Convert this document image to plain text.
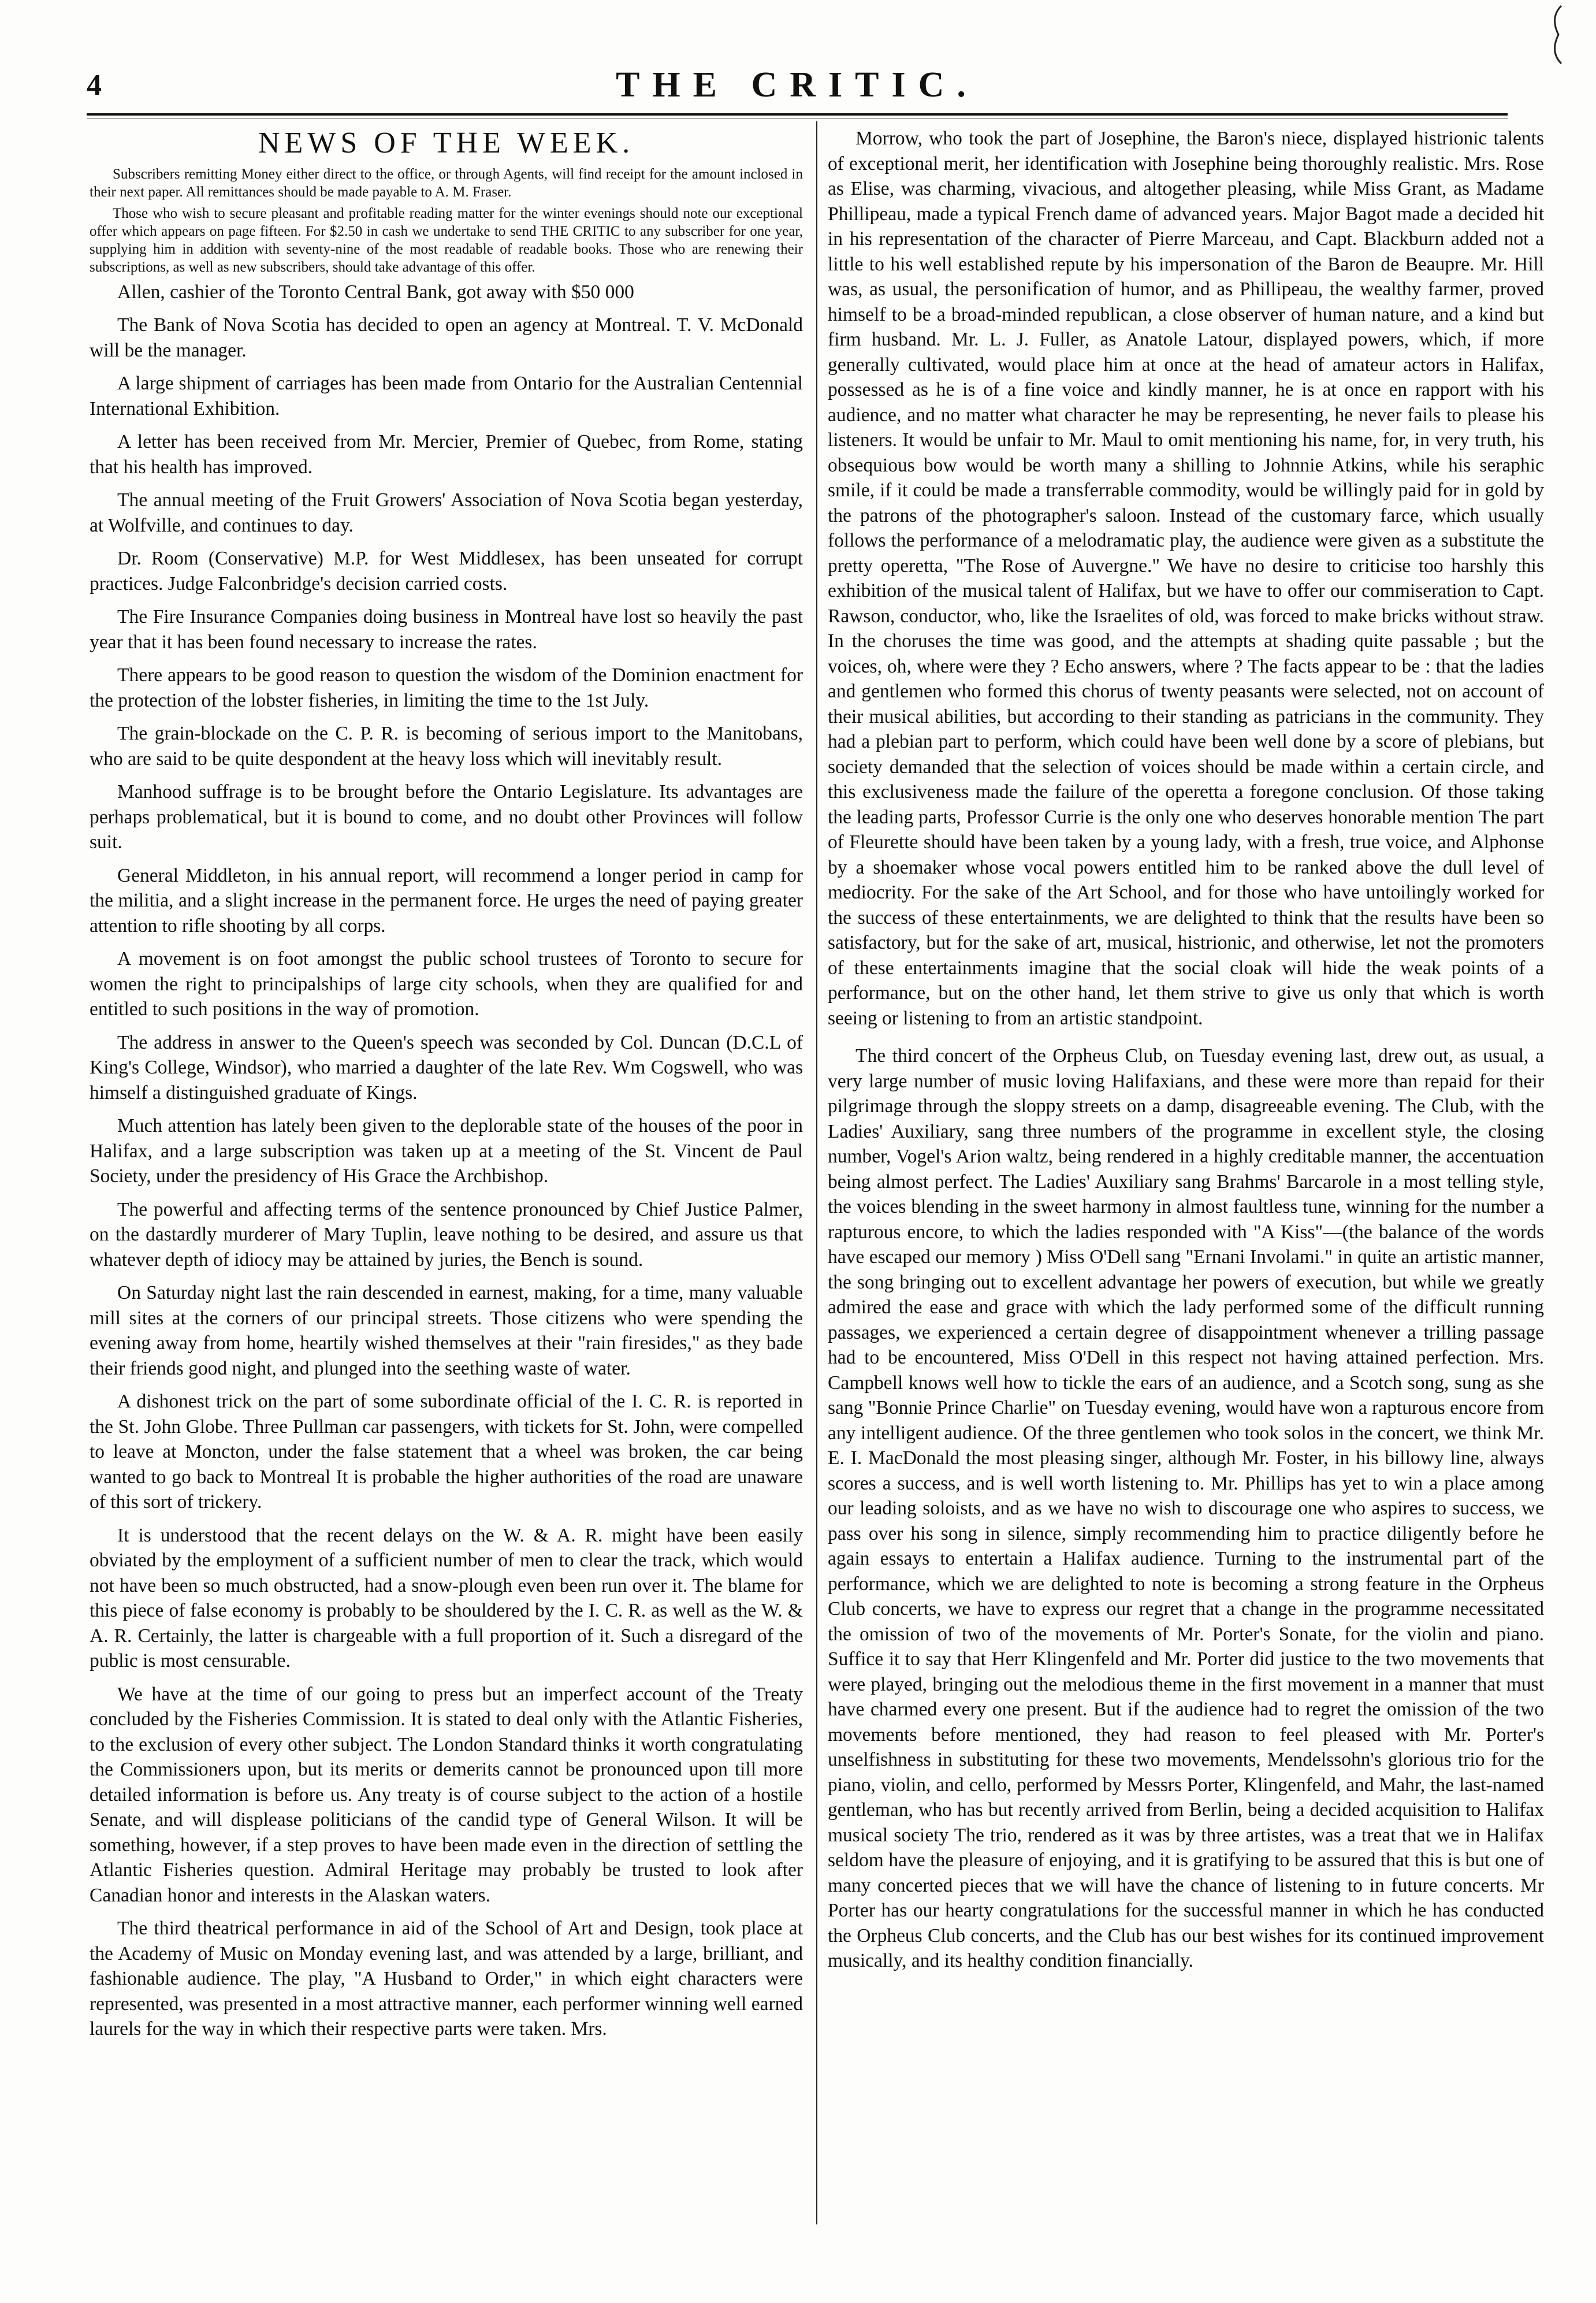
4	THE CRITIC.
NEWS OF THE WEEK.

Subscribers remitting Money either direct to the office, or through Agents, will find receipt for the amount inclosed in their next paper. All remittances should be made payable to A. M. Fraser.

Those who wish to secure pleasant and profitable reading matter for the winter evenings should note our exceptional offer which appears on page fifteen. For $2.50 in cash we undertake to send THE CRITIC to any subscriber for one year, supplying him in addition with seventy-nine of the most readable of readable books. Those who are renewing their subscriptions, as well as new subscribers, should take advantage of this offer.

Allen, cashier of the Toronto Central Bank, got away with $50 000

The Bank of Nova Scotia has decided to open an agency at Montreal. T. V. McDonald will be the manager.

A large shipment of carriages has been made from Ontario for the Australian Centennial International Exhibition.

A letter has been received from Mr. Mercier, Premier of Quebec, from Rome, stating that his health has improved.

The annual meeting of the Fruit Growers' Association of Nova Scotia began yesterday, at Wolfville, and continues to day.

Dr. Room (Conservative) M.P. for West Middlesex, has been unseated for corrupt practices. Judge Falconbridge's decision carried costs.

The Fire Insurance Companies doing business in Montreal have lost so heavily the past year that it has been found necessary to increase the rates.

There appears to be good reason to question the wisdom of the Dominion enactment for the protection of the lobster fisheries, in limiting the time to the 1st July.

The grain-blockade on the C. P. R. is becoming of serious import to the Manitobans, who are said to be quite despondent at the heavy loss which will inevitably result.

Manhood suffrage is to be brought before the Ontario Legislature. Its advantages are perhaps problematical, but it is bound to come, and no doubt other Provinces will follow suit.

General Middleton, in his annual report, will recommend a longer period in camp for the militia, and a slight increase in the permanent force. He urges the need of paying greater attention to rifle shooting by all corps.

A movement is on foot amongst the public school trustees of Toronto to secure for women the right to principalships of large city schools, when they are qualified for and entitled to such positions in the way of promotion.

The address in answer to the Queen's speech was seconded by Col. Duncan (D.C.L of King's College, Windsor), who married a daughter of the late Rev. Wm Cogswell, who was himself a distinguished graduate of Kings.

Much attention has lately been given to the deplorable state of the houses of the poor in Halifax, and a large subscription was taken up at a meeting of the St. Vincent de Paul Society, under the presidency of His Grace the Archbishop.

The powerful and affecting terms of the sentence pronounced by Chief Justice Palmer, on the dastardly murderer of Mary Tuplin, leave nothing to be desired, and assure us that whatever depth of idiocy may be attained by juries, the Bench is sound.

On Saturday night last the rain descended in earnest, making, for a time, many valuable mill sites at the corners of our principal streets. Those citizens who were spending the evening away from home, heartily wished themselves at their "rain firesides," as they bade their friends good night, and plunged into the seething waste of water.

A dishonest trick on the part of some subordinate official of the I. C. R. is reported in the St. John Globe. Three Pullman car passengers, with tickets for St. John, were compelled to leave at Moncton, under the false statement that a wheel was broken, the car being wanted to go back to Montreal It is probable the higher authorities of the road are unaware of this sort of trickery.

It is understood that the recent delays on the W. & A. R. might have been easily obviated by the employment of a sufficient number of men to clear the track, which would not have been so much obstructed, had a snow-plough even been run over it. The blame for this piece of false economy is probably to be shouldered by the I. C. R. as well as the W. & A. R. Certainly, the latter is chargeable with a full proportion of it. Such a disregard of the public is most censurable.

We have at the time of our going to press but an imperfect account of the Treaty concluded by the Fisheries Commission. It is stated to deal only with the Atlantic Fisheries, to the exclusion of every other subject. The London Standard thinks it worth congratulating the Commissioners upon, but its merits or demerits cannot be pronounced upon till more detailed information is before us. Any treaty is of course subject to the action of a hostile Senate, and will displease politicians of the candid type of General Wilson. It will be something, however, if a step proves to have been made even in the direction of settling the Atlantic Fisheries question. Admiral Heritage may probably be trusted to look after Canadian honor and interests in the Alaskan waters.

The third theatrical performance in aid of the School of Art and Design, took place at the Academy of Music on Monday evening last, and was attended by a large, brilliant, and fashionable audience. The play, "A Husband to Order," in which eight characters were represented, was presented in a most attractive manner, each performer winning well earned laurels for the way in which their respective parts were taken. Mrs.

Morrow, who took the part of Josephine, the Baron's niece, displayed histrionic talents of exceptional merit, her identification with Josephine being thoroughly realistic. Mrs. Rose as Elise, was charming, vivacious, and altogether pleasing, while Miss Grant, as Madame Phillipeau, made a typical French dame of advanced years. Major Bagot made a decided hit in his representation of the character of Pierre Marceau, and Capt. Blackburn added not a little to his well established repute by his impersonation of the Baron de Beaupre. Mr. Hill was, as usual, the personification of humor, and as Phillipeau, the wealthy farmer, proved himself to be a broad-minded republican, a close observer of human nature, and a kind but firm husband. Mr. L. J. Fuller, as Anatole Latour, displayed powers, which, if more generally cultivated, would place him at once at the head of amateur actors in Halifax, possessed as he is of a fine voice and kindly manner, he is at once en rapport with his audience, and no matter what character he may be representing, he never fails to please his listeners. It would be unfair to Mr. Maul to omit mentioning his name, for, in very truth, his obsequious bow would be worth many a shilling to Johnnie Atkins, while his seraphic smile, if it could be made a transferrable commodity, would be willingly paid for in gold by the patrons of the photographer's saloon. Instead of the customary farce, which usually follows the performance of a melodramatic play, the audience were given as a substitute the pretty operetta, "The Rose of Auvergne." We have no desire to criticise too harshly this exhibition of the musical talent of Halifax, but we have to offer our commiseration to Capt. Rawson, conductor, who, like the Israelites of old, was forced to make bricks without straw. In the choruses the time was good, and the attempts at shading quite passable ; but the voices, oh, where were they ? Echo answers, where ? The facts appear to be : that the ladies and gentlemen who formed this chorus of twenty peasants were selected, not on account of their musical abilities, but according to their standing as patricians in the community. They had a plebian part to perform, which could have been well done by a score of plebians, but society demanded that the selection of voices should be made within a certain circle, and this exclusiveness made the failure of the operetta a foregone conclusion. Of those taking the leading parts, Professor Currie is the only one who deserves honorable mention The part of Fleurette should have been taken by a young lady, with a fresh, true voice, and Alphonse by a shoemaker whose vocal powers entitled him to be ranked above the dull level of mediocrity. For the sake of the Art School, and for those who have untoilingly worked for the success of these entertainments, we are delighted to think that the results have been so satisfactory, but for the sake of art, musical, histrionic, and otherwise, let not the promoters of these entertainments imagine that the social cloak will hide the weak points of a performance, but on the other hand, let them strive to give us only that which is worth seeing or listening to from an artistic standpoint.

The third concert of the Orpheus Club, on Tuesday evening last, drew out, as usual, a very large number of music loving Halifaxians, and these were more than repaid for their pilgrimage through the sloppy streets on a damp, disagreeable evening. The Club, with the Ladies' Auxiliary, sang three numbers of the programme in excellent style, the closing number, Vogel's Arion waltz, being rendered in a highly creditable manner, the accentuation being almost perfect. The Ladies' Auxiliary sang Brahms' Barcarole in a most telling style, the voices blending in the sweet harmony in almost faultless tune, winning for the number a rapturous encore, to which the ladies responded with "A Kiss"—(the balance of the words have escaped our memory ) Miss O'Dell sang "Ernani Involami." in quite an artistic manner, the song bringing out to excellent advantage her powers of execution, but while we greatly admired the ease and grace with which the lady performed some of the difficult running passages, we experienced a certain degree of disappointment whenever a trilling passage had to be encountered, Miss O'Dell in this respect not having attained perfection. Mrs. Campbell knows well how to tickle the ears of an audience, and a Scotch song, sung as she sang "Bonnie Prince Charlie" on Tuesday evening, would have won a rapturous encore from any intelligent audience. Of the three gentlemen who took solos in the concert, we think Mr. E. I. MacDonald the most pleasing singer, although Mr. Foster, in his billowy line, always scores a success, and is well worth listening to. Mr. Phillips has yet to win a place among our leading soloists, and as we have no wish to discourage one who aspires to success, we pass over his song in silence, simply recommending him to practice diligently before he again essays to entertain a Halifax audience. Turning to the instrumental part of the performance, which we are delighted to note is becoming a strong feature in the Orpheus Club concerts, we have to express our regret that a change in the programme necessitated the omission of two of the movements of Mr. Porter's Sonate, for the violin and piano. Suffice it to say that Herr Klingenfeld and Mr. Porter did justice to the two movements that were played, bringing out the melodious theme in the first movement in a manner that must have charmed every one present. But if the audience had to regret the omission of the two movements before mentioned, they had reason to feel pleased with Mr. Porter's unselfishness in substituting for these two movements, Mendelssohn's glorious trio for the piano, violin, and cello, performed by Messrs Porter, Klingenfeld, and Mahr, the last-named gentleman, who has but recently arrived from Berlin, being a decided acquisition to Halifax musical society The trio, rendered as it was by three artistes, was a treat that we in Halifax seldom have the pleasure of enjoying, and it is gratifying to be assured that this is but one of many concerted pieces that we will have the chance of listening to in future concerts. Mr Porter has our hearty congratulations for the successful manner in which he has conducted the Orpheus Club concerts, and the Club has our best wishes for its continued improvement musically, and its healthy condition financially.
